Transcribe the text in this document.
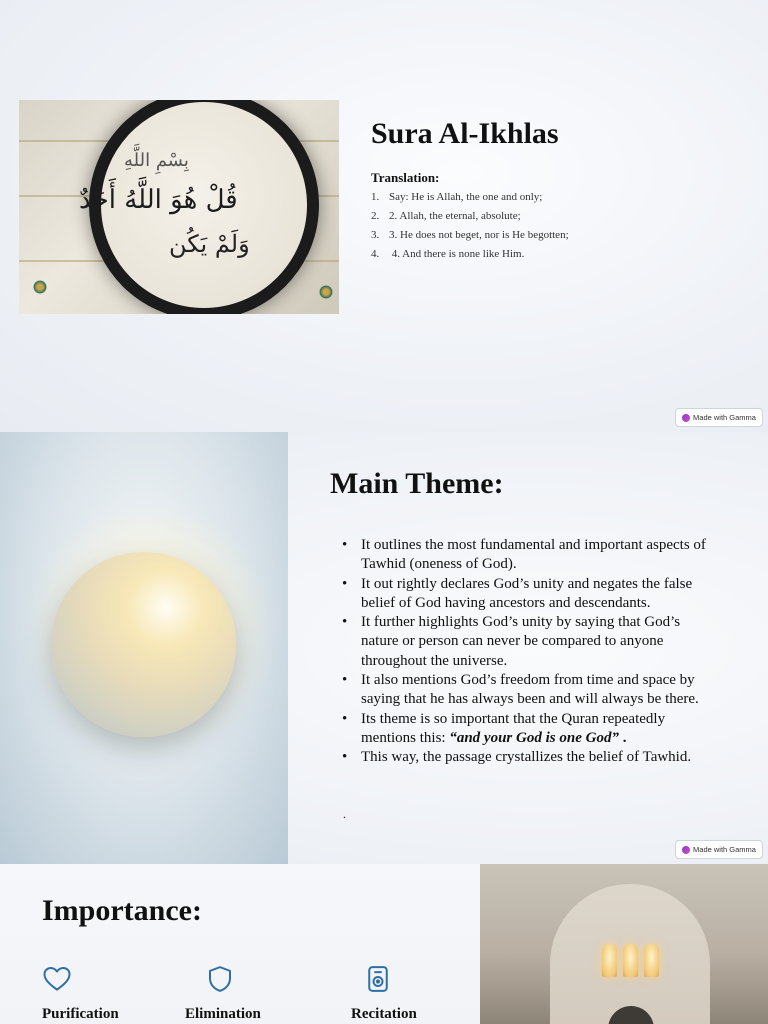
بِسْمِ اللَّهِ
قُلْ هُوَ اللَّهُ أَحَدٌ
وَلَمْ يَكُن
Sura Al-Ikhlas
Translation:
1. Say: He is Allah, the one and only;
2. 2. Allah, the eternal, absolute;
3. 3. He does not beget, nor is He begotten;
4. 4. And there is none like Him.
Made with Gamma
Main Theme:
• It outlines the most fundamental and important aspects of Tawhid (oneness of God).
• It out rightly declares God’s unity and negates the false belief of God having ancestors and descendants.
• It further highlights God’s unity by saying that God’s nature or person can never be compared to anyone throughout the universe.
• It also mentions God’s freedom from time and space by saying that he has always been and will always be there.
• Its theme is so important that the Quran repeatedly mentions this: “and your God is one God” .
• This way, the passage crystallizes the belief of Tawhid.
.
Made with Gamma
Importance:
Purification	Elimination	Recitation
